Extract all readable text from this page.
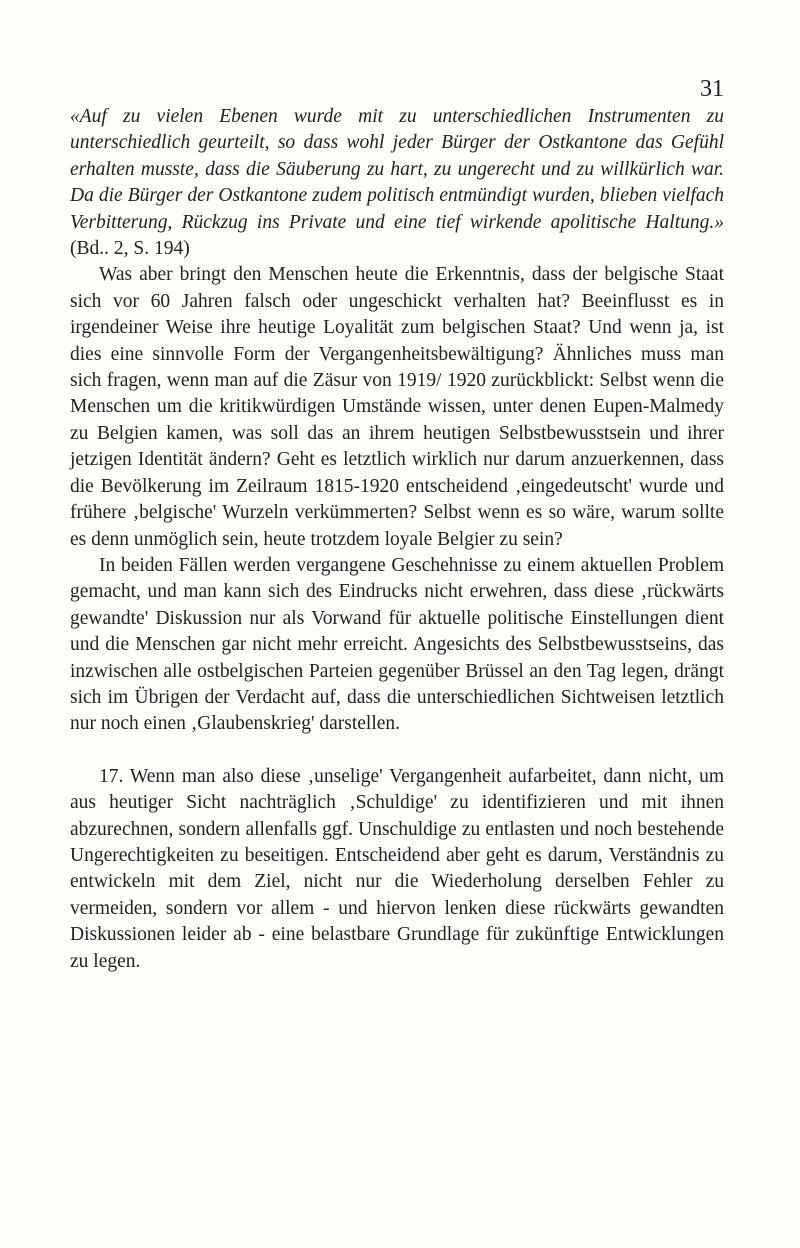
31

«Auf zu vielen Ebenen wurde mit zu unterschiedlichen Instrumenten zu unterschiedlich geurteilt, so dass wohl jeder Bürger der Ostkantone das Gefühl erhalten musste, dass die Säuberung zu hart, zu ungerecht und zu willkürlich war. Da die Bürger der Ostkantone zudem politisch entmündigt wurden, blieben vielfach Verbitterung, Rückzug ins Private und eine tief wirkende apolitische Haltung.» (Bd.. 2, S. 194)

Was aber bringt den Menschen heute die Erkenntnis, dass der belgische Staat sich vor 60 Jahren falsch oder ungeschickt verhalten hat? Beeinflusst es in irgendeiner Weise ihre heutige Loyalität zum belgischen Staat? Und wenn ja, ist dies eine sinnvolle Form der Vergangenheitsbewältigung? Ähnliches muss man sich fragen, wenn man auf die Zäsur von 1919/ 1920 zurückblickt: Selbst wenn die Menschen um die kritikwürdigen Umstände wissen, unter denen Eupen-Malmedy zu Belgien kamen, was soll das an ihrem heutigen Selbstbewusstsein und ihrer jetzigen Identität ändern? Geht es letztlich wirklich nur darum anzuerkennen, dass die Bevölkerung im Zeilraum 1815-1920 entscheidend ‚eingedeutscht' wurde und frühere ‚belgische' Wurzeln verkümmerten? Selbst wenn es so wäre, warum sollte es denn unmöglich sein, heute trotzdem loyale Belgier zu sein?

In beiden Fällen werden vergangene Geschehnisse zu einem aktuellen Problem gemacht, und man kann sich des Eindrucks nicht erwehren, dass diese ‚rückwärts gewandte' Diskussion nur als Vorwand für aktuelle politische Einstellungen dient und die Menschen gar nicht mehr erreicht. Angesichts des Selbstbewusstseins, das inzwischen alle ostbelgischen Parteien gegenüber Brüssel an den Tag legen, drängt sich im Übrigen der Verdacht auf, dass die unterschiedlichen Sichtweisen letztlich nur noch einen ‚Glaubenskrieg' darstellen.

17. Wenn man also diese ‚unselige' Vergangenheit aufarbeitet, dann nicht, um aus heutiger Sicht nachträglich ‚Schuldige' zu identifizieren und mit ihnen abzurechnen, sondern allenfalls ggf. Unschuldige zu entlasten und noch bestehende Ungerechtigkeiten zu beseitigen. Entscheidend aber geht es darum, Verständnis zu entwickeln mit dem Ziel, nicht nur die Wiederholung derselben Fehler zu vermeiden, sondern vor allem - und hiervon lenken diese rückwärts gewandten Diskussionen leider ab - eine belastbare Grundlage für zukünftige Entwicklungen zu legen.
